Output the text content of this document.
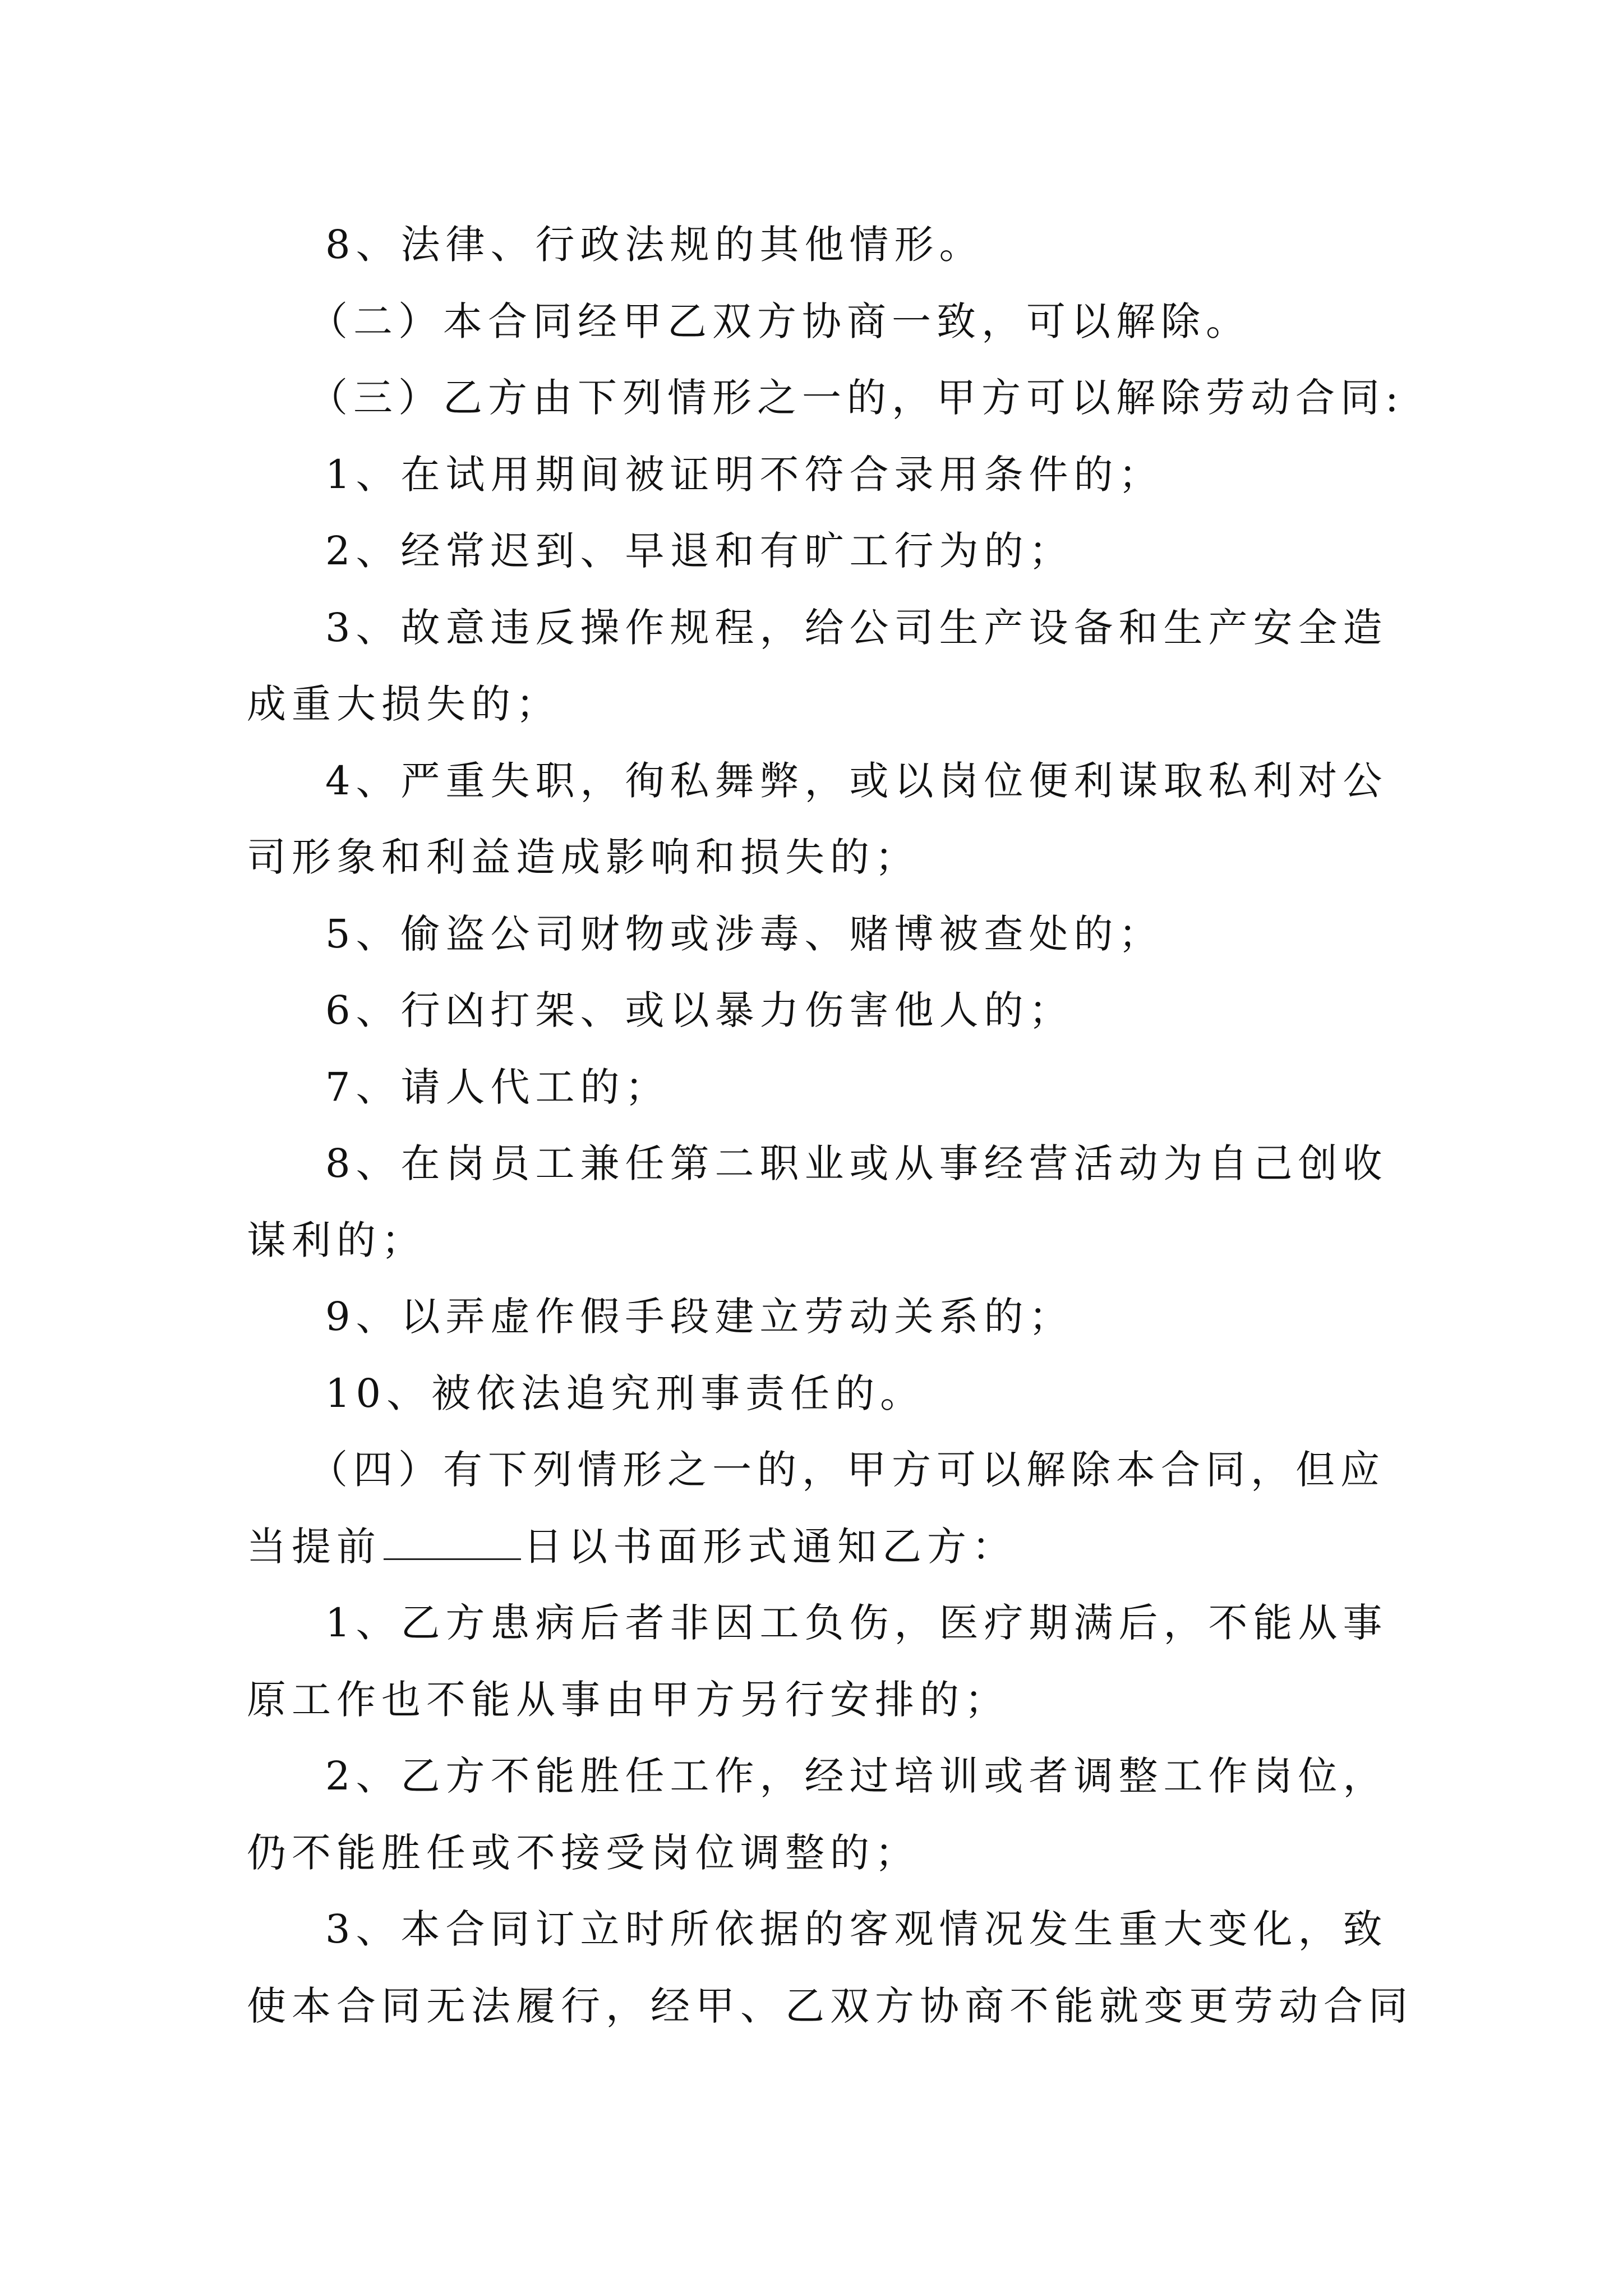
8、法律、行政法规的其他情形。
（二）本合同经甲乙双方协商一致，可以解除。
（三）乙方由下列情形之一的，甲方可以解除劳动合同:
1、在试用期间被证明不符合录用条件的；
2、经常迟到、早退和有旷工行为的；
3、故意违反操作规程，给公司生产设备和生产安全造
成重大损失的；
4、严重失职，徇私舞弊，或以岗位便利谋取私利对公
司形象和利益造成影响和损失的；
5、偷盗公司财物或涉毒、赌博被查处的；
6、行凶打架、或以暴力伤害他人的；
7、请人代工的；
8、在岗员工兼任第二职业或从事经营活动为自己创收
谋利的；
9、以弄虚作假手段建立劳动关系的；
10、被依法追究刑事责任的。
（四）有下列情形之一的，甲方可以解除本合同，但应
当提前	日以书面形式通知乙方：
1、乙方患病后者非因工负伤，医疗期满后，不能从事
原工作也不能从事由甲方另行安排的；
2、乙方不能胜任工作，经过培训或者调整工作岗位，
仍不能胜任或不接受岗位调整的；
3、本合同订立时所依据的客观情况发生重大变化，致
使本合同无法履行，经甲、乙双方协商不能就变更劳动合同
